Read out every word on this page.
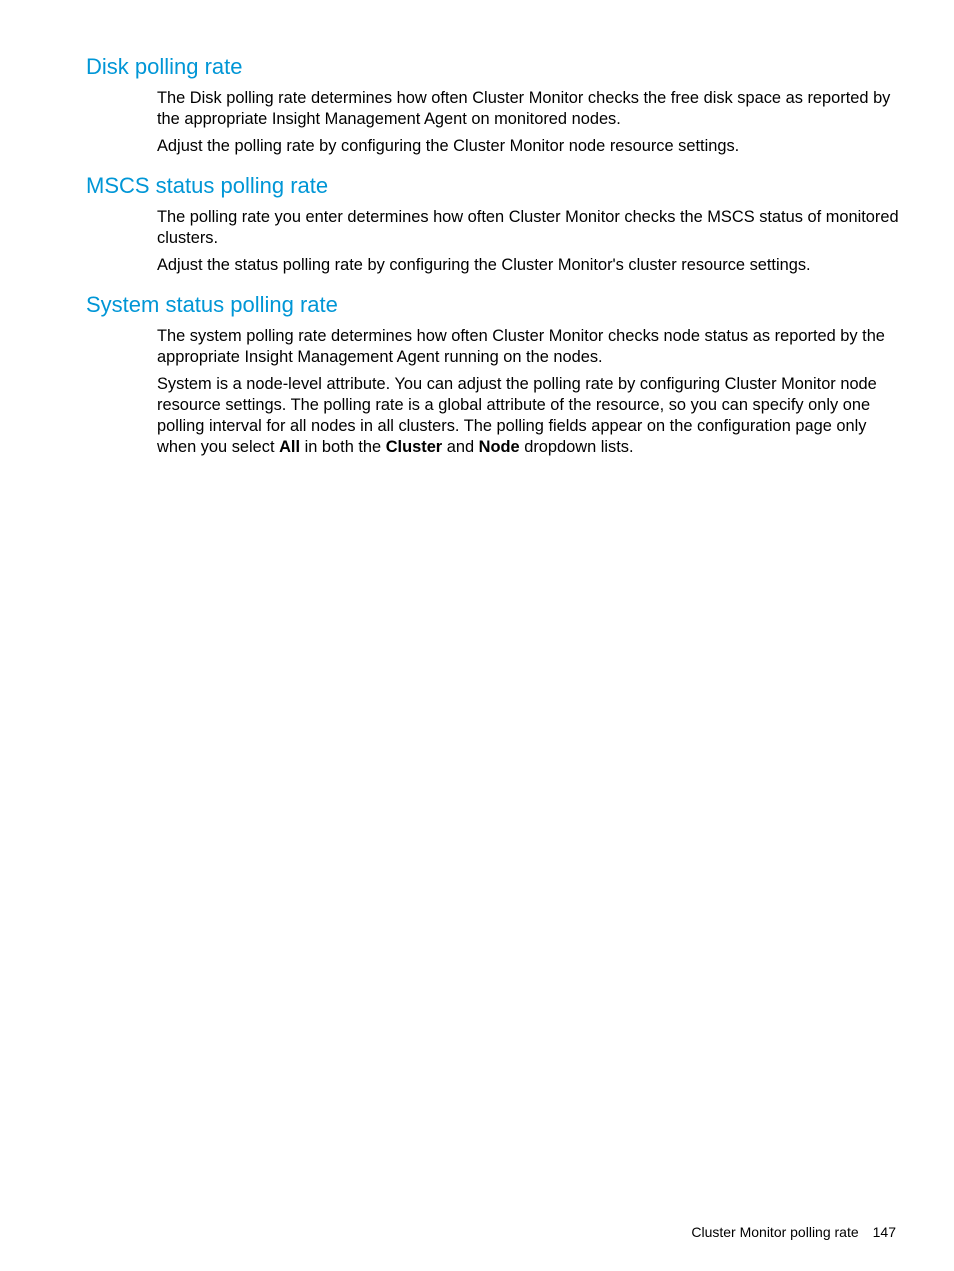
Disk polling rate

The Disk polling rate determines how often Cluster Monitor checks the free disk space as reported by the appropriate Insight Management Agent on monitored nodes.

Adjust the polling rate by configuring the Cluster Monitor node resource settings.

MSCS status polling rate

The polling rate you enter determines how often Cluster Monitor checks the MSCS status of monitored clusters.

Adjust the status polling rate by configuring the Cluster Monitor's cluster resource settings.

System status polling rate

The system polling rate determines how often Cluster Monitor checks node status as reported by the appropriate Insight Management Agent running on the nodes.

System is a node-level attribute. You can adjust the polling rate by configuring Cluster Monitor node resource settings. The polling rate is a global attribute of the resource, so you can specify only one polling interval for all nodes in all clusters. The polling fields appear on the configuration page only when you select All in both the Cluster and Node dropdown lists.

Cluster Monitor polling rate 147
